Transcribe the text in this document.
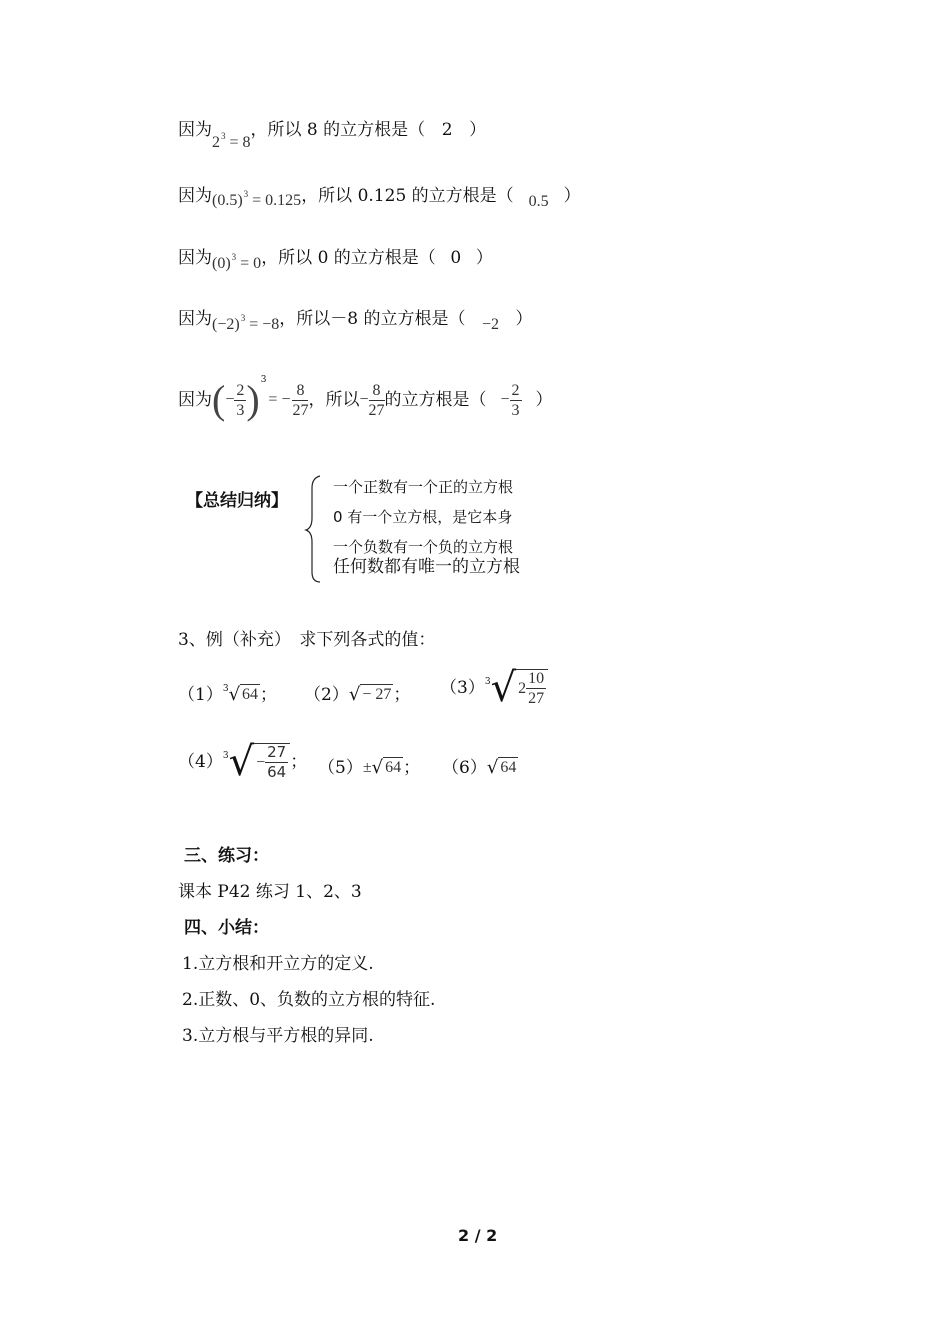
因为$2^3 = 8$，所以 8 的立方根是（ 2 ）
因为$(0.5)^3 = 0.125$，所以 0.125 的立方根是（ 0.5 ）
因为$(0)^3 = 0$，所以 0 的立方根是（ 0 ）
因为$(-2)^3 = -8$，所以－8 的立方根是（ −2 ）
因为 ( − $\frac{2}{3}$ ) 3
= − $\frac{8}{27}$ ，所以 − $\frac{8}{27}$ 的立方根是（ − $\frac{2}{3}$ ）
【总结归纳】
一个正数有一个正的立方根
0 有一个立方根，是它本身
一个负数有一个负的立方根
任何数都有唯一的立方根
3、例（补充）　求下列各式的值：
（1） 3 √ 64 ； （2） √ − 27 ； （3） 3 √ $2 \frac{10}{27}$
（4） 3 √ − $\frac{27}{64}$ ； （5） ± √ 64 ； （6） √ 64
三、练习：
课本 P42 练习 1、2、3
四、小结：
1.立方根和开立方的定义.
2.正数、0、负数的立方根的特征.
3.立方根与平方根的异同.
2 / 2
